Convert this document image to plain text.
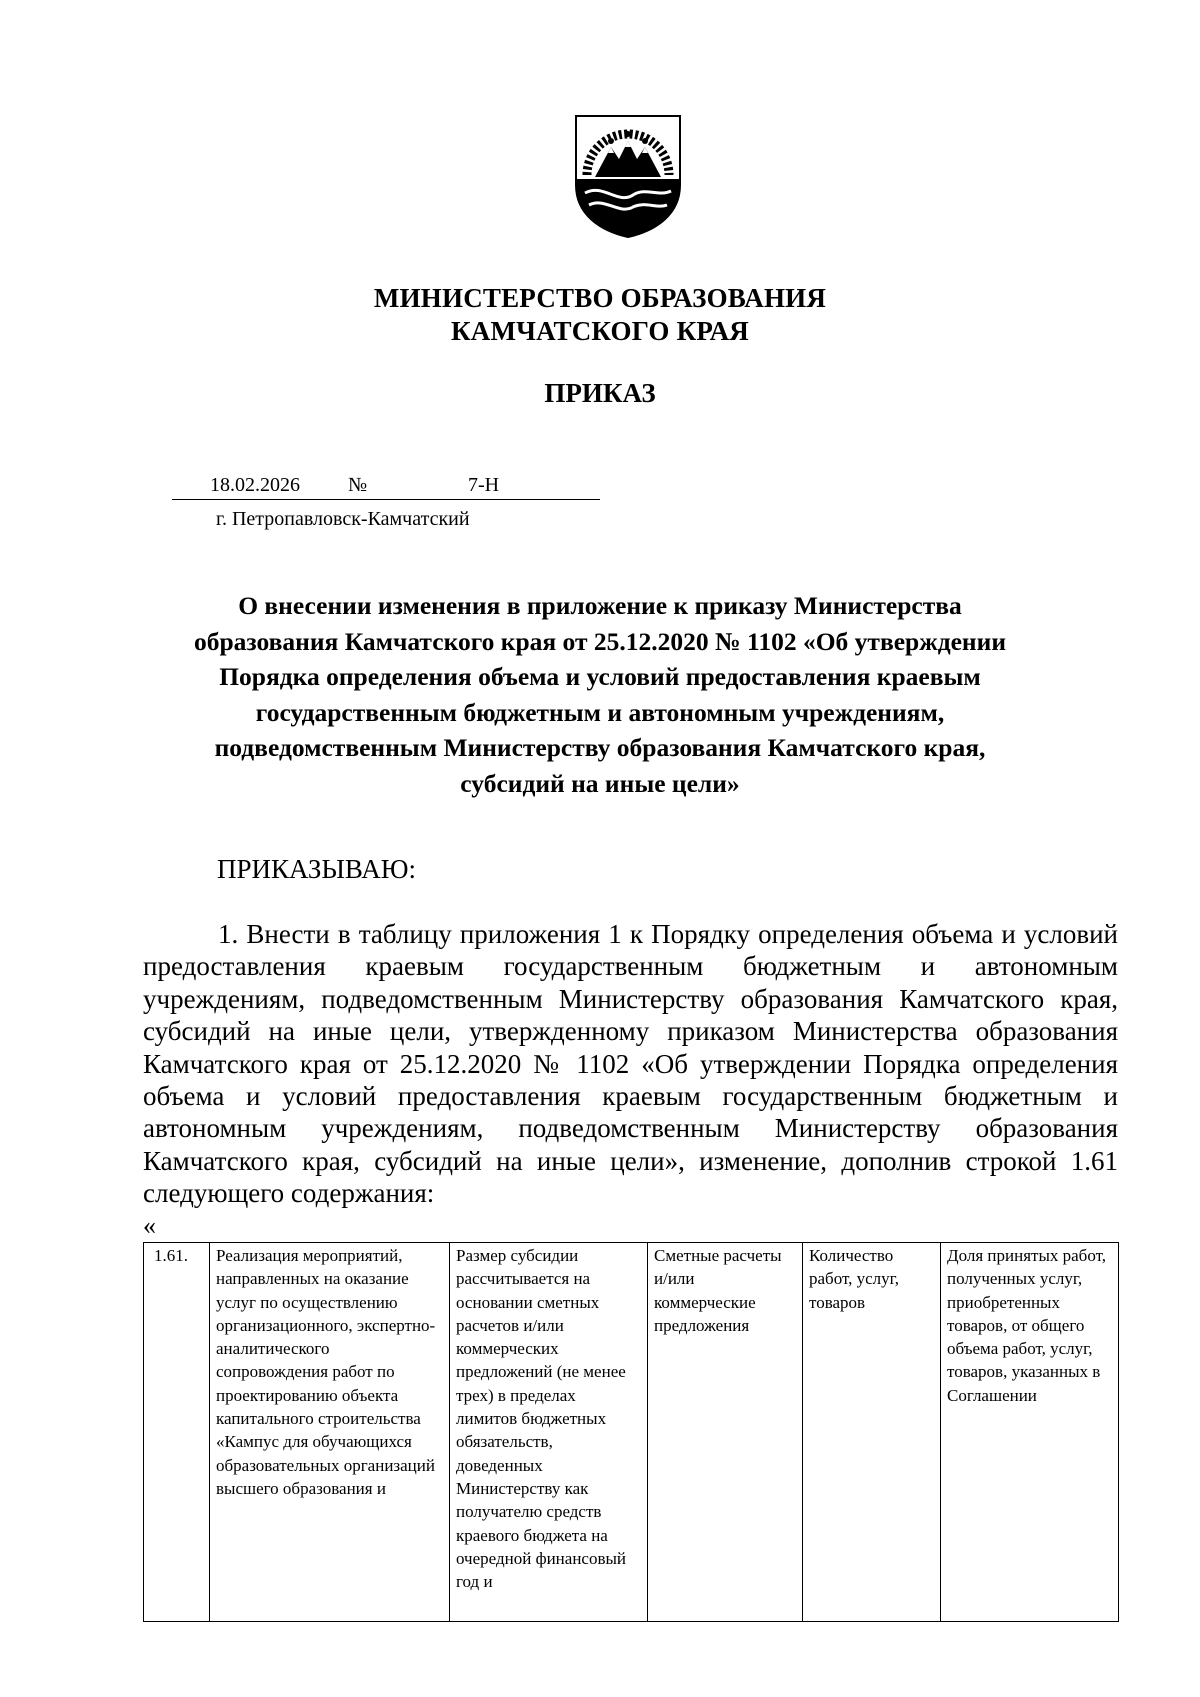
МИНИСТЕРСТВО ОБРАЗОВАНИЯ
КАМЧАТСКОГО КРАЯ
ПРИКАЗ
18.02.2026 №	7-Н
г. Петропавловск-Камчатский
О внесении изменения в приложение к приказу Министерства
образования Камчатского края от 25.12.2020 № 1102 «Об утверждении
Порядка определения объема и условий предоставления краевым
государственным бюджетным и автономным учреждениям,
подведомственным Министерству образования Камчатского края,
субсидий на иные цели»
ПРИКАЗЫВАЮ:
1. Внести в таблицу приложения 1 к Порядку определения объема и условий предоставления краевым государственным бюджетным и автономным учреждениям, подведомственным Министерству образования Камчатского края, субсидий на иные цели, утвержденному приказом Министерства образования Камчатского края от 25.12.2020 № 1102 «Об утверждении Порядка определения объема и условий предоставления краевым государственным бюджетным и автономным учреждениям, подведомственным Министерству образования Камчатского края, субсидий на иные цели», изменение, дополнив строкой 1.61 следующего содержания:
«
1.61.	Реализация мероприятий, направленных на оказание услуг по осуществлению организационного, экспертно-аналитического сопровождения работ по проектированию объекта капитального строительства «Кампус для обучающихся образовательных организаций высшего образования и	Размер субсидии рассчитывается на основании сметных расчетов и/или коммерческих предложений (не менее трех) в пределах лимитов бюджетных обязательств, доведенных Министерству как получателю средств краевого бюджета на очередной финансовый год и	Сметные расчеты и/или коммерческие предложения	Количество работ, услуг, товаров	Доля принятых работ, полученных услуг, приобретенных товаров, от общего объема работ, услуг, товаров, указанных в Соглашении
